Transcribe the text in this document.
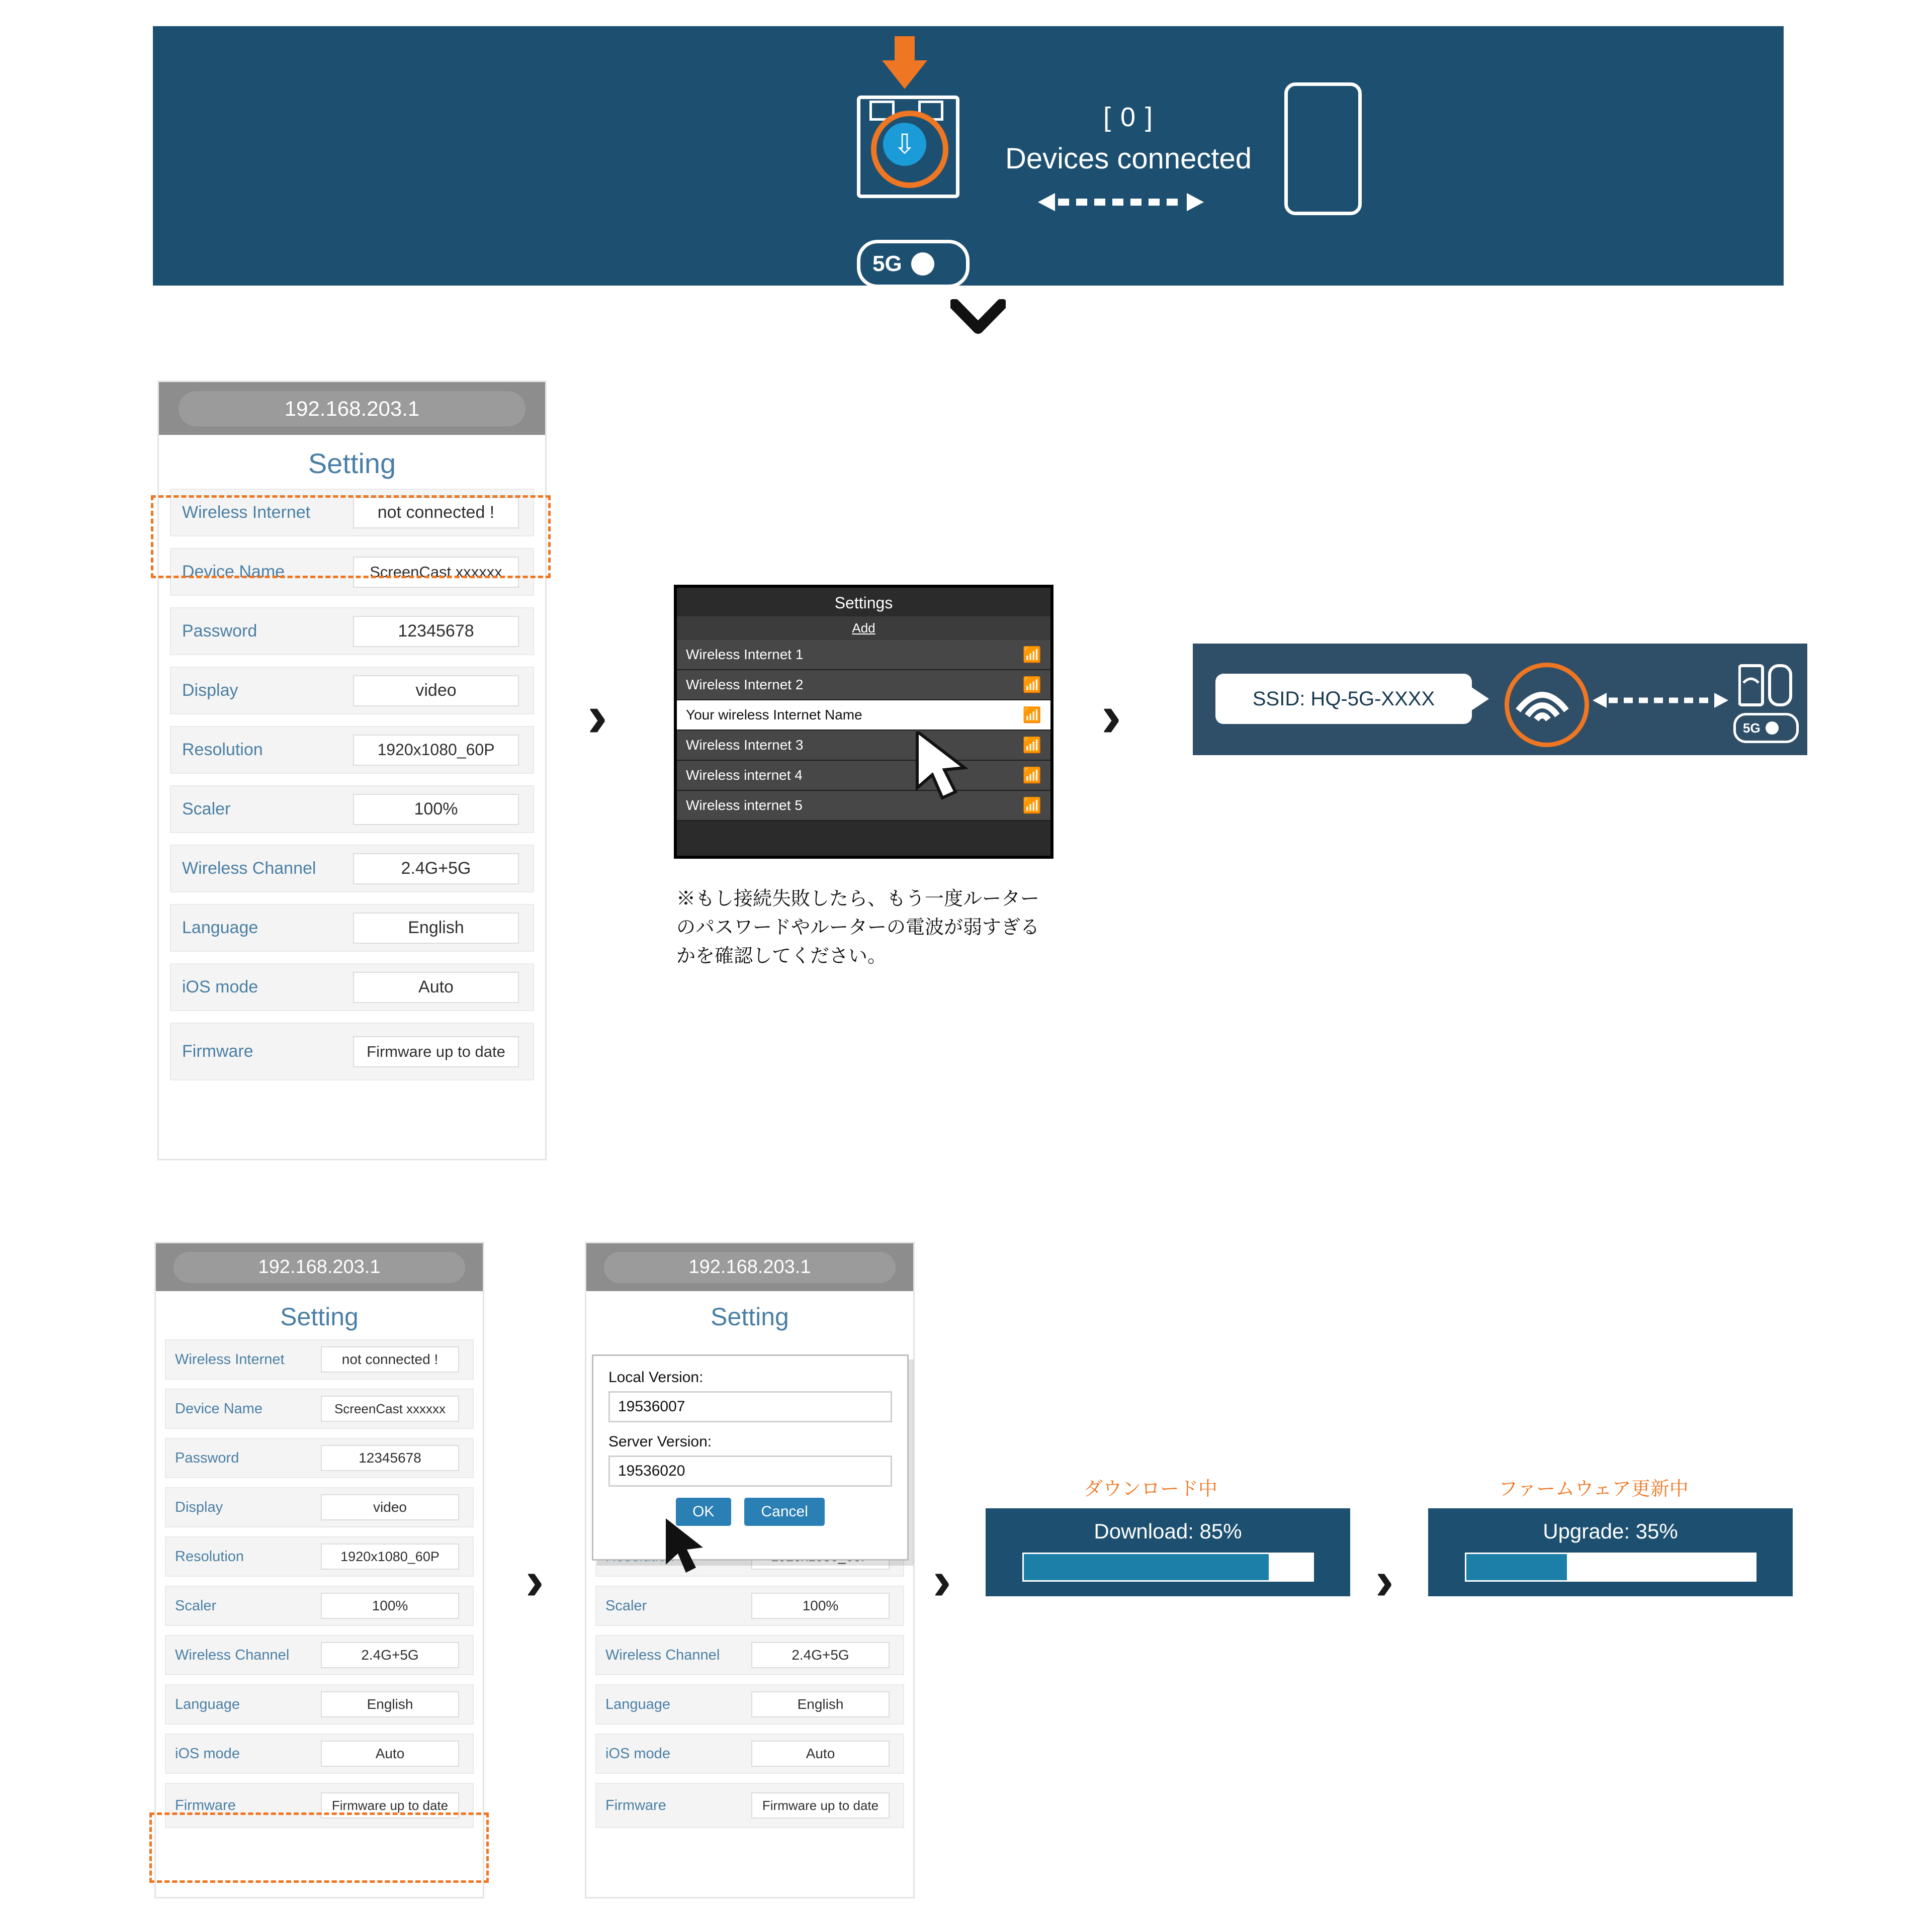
⇩
[ 0 ]
Devices connected
5G
192.168.203.1
Setting
Wireless Internet	not connected !
Device Name	ScreenCast xxxxxx
Password	12345678
Display	video
Resolution	1920x1080_60P
Scaler	100%
Wireless Channel	2.4G+5G
Language	English
iOS mode	Auto
Firmware	Firmware up to date
›
Settings
Add
Wireless Internet 1	📶
Wireless Internet 2	📶
Your wireless Internet Name	📶
Wireless Internet 3	📶
Wireless internet 4	📶
Wireless internet 5	📶
›	SSID: HQ-5G-XXXX
5G
※もし接続失敗したら、もう一度ルーターのパスワードやルーターの電波が弱すぎるかを確認してください。
192.168.203.1
Setting
Wireless Internet	not connected !
Device Name	ScreenCast xxxxxx
Password	12345678
Display	video
Resolution	1920x1080_60P
Scaler	100%
Wireless Channel	2.4G+5G
Language	English
iOS mode	Auto
Firmware	Firmware up to date
›
192.168.203.1
Setting
Scaler	100%
Wireless Channel	2.4G+5G
Language	English
iOS mode	Auto
Firmware	Firmware up to date
Local Version:
19536007
Server Version:
19536020
OK	Cancel
›
ダウンロード中
Download: 85%
›
ファームウェア更新中
Upgrade: 35%
